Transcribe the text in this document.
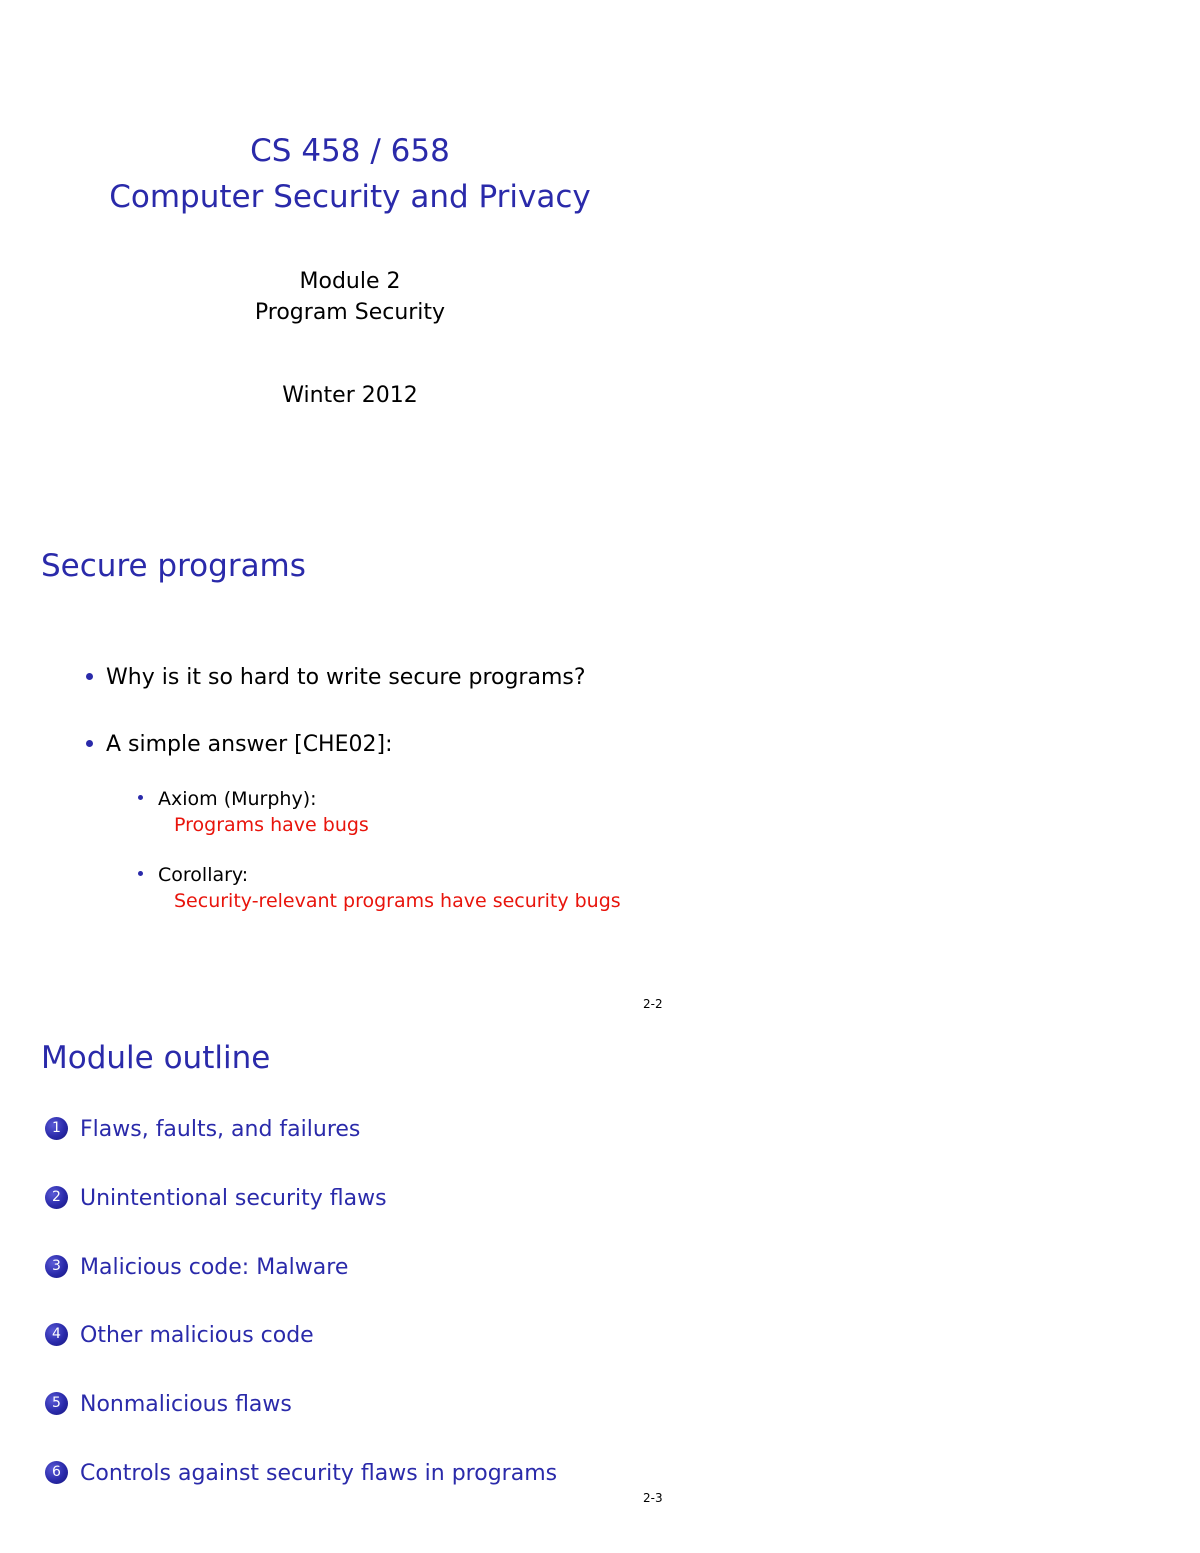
CS 458 / 658
Computer Security and Privacy
Module 2
Program Security
Winter 2012
Secure programs
Why is it so hard to write secure programs?
A simple answer [CHE02]:
Axiom (Murphy):
Programs have bugs
Corollary:
Security-relevant programs have security bugs
2-2
Module outline
1 Flaws, faults, and failures
2 Unintentional security flaws
3 Malicious code: Malware
4 Other malicious code
5 Nonmalicious flaws
6 Controls against security flaws in programs
2-3
